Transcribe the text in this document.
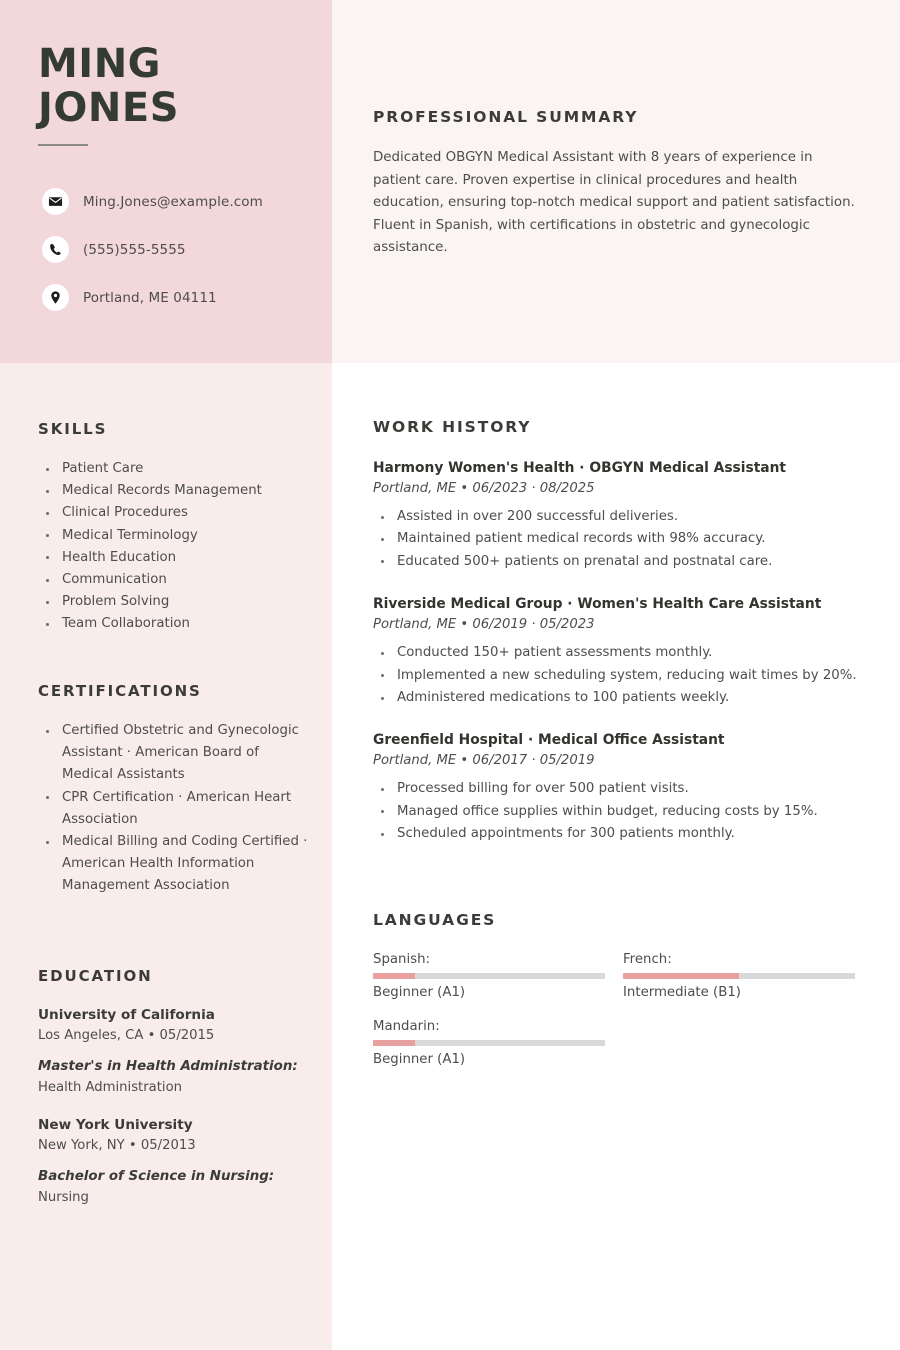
MING
JONES
Ming.Jones@example.com
(555)555-5555
Portland, ME 04111
PROFESSIONAL SUMMARY
Dedicated OBGYN Medical Assistant with 8 years of experience in patient care. Proven expertise in clinical procedures and health education, ensuring top-notch medical support and patient satisfaction. Fluent in Spanish, with certifications in obstetric and gynecologic assistance.
SKILLS
Patient Care
Medical Records Management
Clinical Procedures
Medical Terminology
Health Education
Communication
Problem Solving
Team Collaboration
CERTIFICATIONS
Certified Obstetric and Gynecologic Assistant · American Board of Medical Assistants
CPR Certification · American Heart Association
Medical Billing and Coding Certified · American Health Information Management Association
EDUCATION
University of California
Los Angeles, CA • 05/2015
Master's in Health Administration:
Health Administration
New York University
New York, NY • 05/2013
Bachelor of Science in Nursing:
Nursing
WORK HISTORY
Harmony Women's Health · OBGYN Medical Assistant
Portland, ME • 06/2023 · 08/2025
Assisted in over 200 successful deliveries.
Maintained patient medical records with 98% accuracy.
Educated 500+ patients on prenatal and postnatal care.
Riverside Medical Group · Women's Health Care Assistant
Portland, ME • 06/2019 · 05/2023
Conducted 150+ patient assessments monthly.
Implemented a new scheduling system, reducing wait times by 20%.
Administered medications to 100 patients weekly.
Greenfield Hospital · Medical Office Assistant
Portland, ME • 06/2017 · 05/2019
Processed billing for over 500 patient visits.
Managed office supplies within budget, reducing costs by 15%.
Scheduled appointments for 300 patients monthly.
LANGUAGES
Spanish:
Beginner (A1)
French:
Intermediate (B1)
Mandarin:
Beginner (A1)
